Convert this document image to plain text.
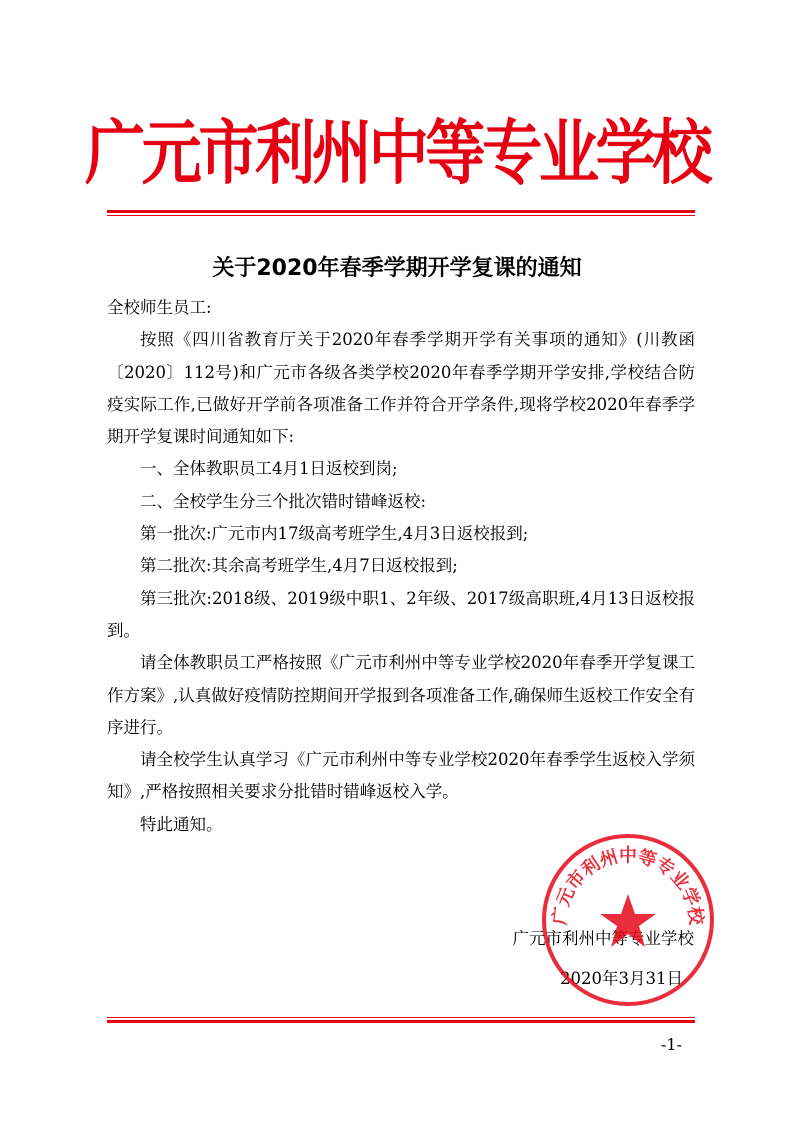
广元市利州中等专业学校
关于2020年春季学期开学复课的通知

全校师生员工:

按照《四川省教育厅关于2020年春季学期开学有关事项的通知》(川教函〔2020〕112号)和广元市各级各类学校2020年春季学期开学安排,学校结合防疫实际工作,已做好开学前各项准备工作并符合开学条件,现将学校2020年春季学期开学复课时间通知如下:

一、全体教职员工4月1日返校到岗;

二、全校学生分三个批次错时错峰返校:

第一批次:广元市内17级高考班学生,4月3日返校报到;

第二批次:其余高考班学生,4月7日返校报到;

第三批次:2018级、2019级中职1、2年级、2017级高职班,4月13日返校报到。

请全体教职员工严格按照《广元市利州中等专业学校2020年春季开学复课工作方案》,认真做好疫情防控期间开学报到各项准备工作,确保师生返校工作安全有序进行。

请全校学生认真学习《广元市利州中等专业学校2020年春季学生返校入学须知》,严格按照相关要求分批错时错峰返校入学。

特此通知。

广元市利州中等专业学校
2020年3月31日
广元市利州中等专业学校
-1-
